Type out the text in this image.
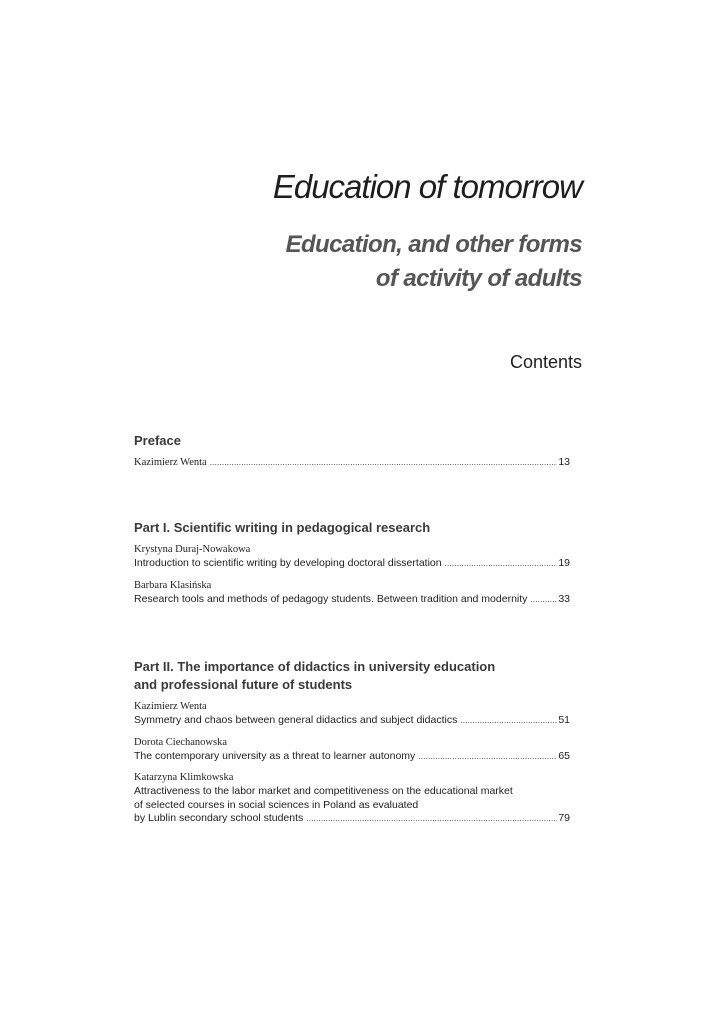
Education of tomorrow
Education, and other forms
of activity of adults
Contents
Preface
Kazimierz Wenta .....	13
Part I. Scientific writing in pedagogical research
Krystyna Duraj-Nowakowa
Introduction to scientific writing by developing doctoral dissertation .....	19
Barbara Klasińska
Research tools and methods of pedagogy students. Between tradition and modernity .....	33
Part II. The importance of didactics in university education
and professional future of students
Kazimierz Wenta
Symmetry and chaos between general didactics and subject didactics .....	51
Dorota Ciechanowska
The contemporary university as a threat to learner autonomy .....	65
Katarzyna Klimkowska
Attractiveness to the labor market and competitiveness on the educational market
of selected courses in social sciences in Poland as evaluated
by Lublin secondary school students .....	79
